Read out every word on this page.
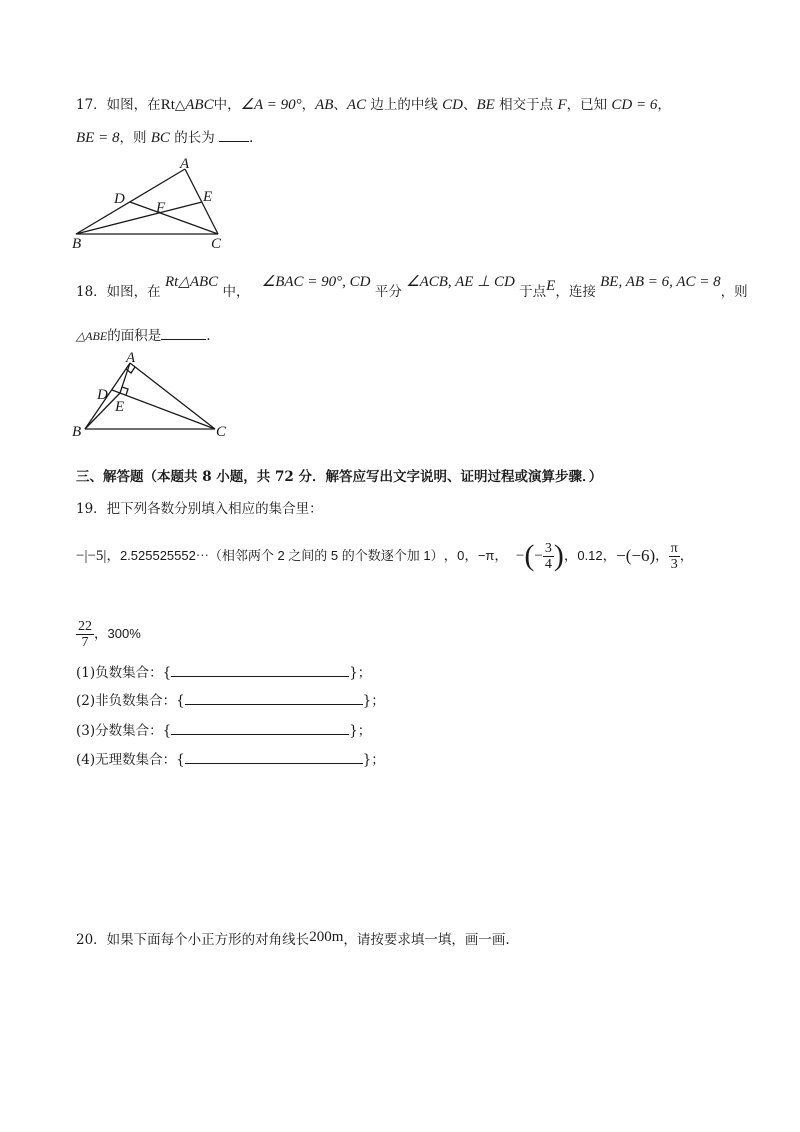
17．如图，在Rt△ABC中，∠A = 90°，AB、AC 边上的中线 CD、BE 相交于点 F，已知 CD = 6，
BE = 8，则 BC 的长为 .
A
D	E
F
B	C
18．如图，在 Rt△ABC 中， ∠BAC = 90°, CD 平分 ∠ACB, AE ⊥ CD 于点E，连接 BE, AB = 6, AC = 8，则
△ABE的面积是	.
A
D
E
B	C
三、解答题（本题共 8 小题，共 72 分．解答应写出文字说明、证明过程或演算步骤．）
19．把下列各数分别填入相应的集合里：
−|−5| ， 2.525525552⋯（相邻两个 2 之间的 5 的个数逐个加 1） ， 0 ， −π ， − ( − $\frac{3}{4}$ ) ， 0.12 ， −(−6) ， $\frac{\pi}{3}$ ，
$\frac{22}{7}$ ， 300%
(1)负数集合：{	}；
(2)非负数集合：{	}；
(3)分数集合：{	}；
(4)无理数集合：{	}；
20．如果下面每个小正方形的对角线长200m，请按要求填一填，画一画.
